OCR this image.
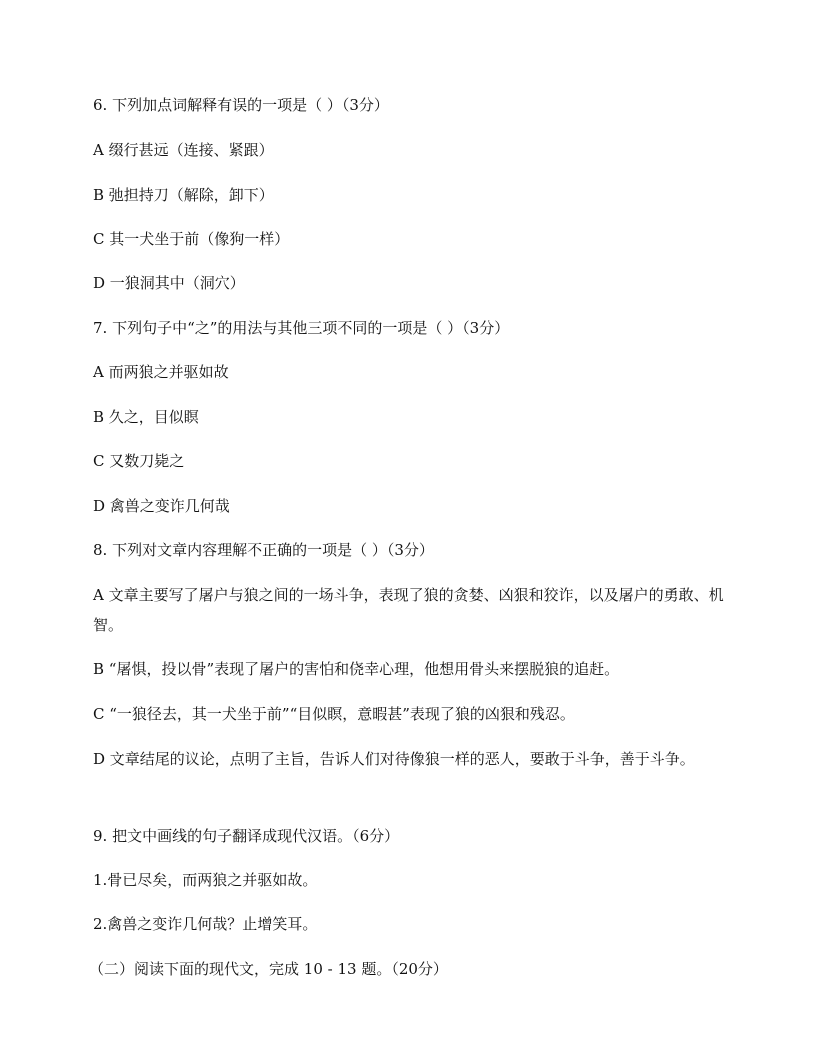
6. 下列加点词解释有误的一项是（ ）（3分）
A 缀行甚远（连接、紧跟）
B 弛担持刀（解除，卸下）
C 其一犬坐于前（像狗一样）
D 一狼洞其中（洞穴）
7. 下列句子中“之”的用法与其他三项不同的一项是（ ）（3分）
A 而两狼之并驱如故
B 久之，目似瞑
C 又数刀毙之
D 禽兽之变诈几何哉
8. 下列对文章内容理解不正确的一项是（ ）（3分）
A 文章主要写了屠户与狼之间的一场斗争，表现了狼的贪婪、凶狠和狡诈，以及屠户的勇敢、机智。
B “屠惧，投以骨”表现了屠户的害怕和侥幸心理，他想用骨头来摆脱狼的追赶。
C “一狼径去，其一犬坐于前”“目似瞑，意暇甚”表现了狼的凶狠和残忍。
D 文章结尾的议论，点明了主旨，告诉人们对待像狼一样的恶人，要敢于斗争，善于斗争。
9. 把文中画线的句子翻译成现代汉语。（6分）
1.骨已尽矣，而两狼之并驱如故。
2.禽兽之变诈几何哉？止增笑耳。
（二）阅读下面的现代文，完成 10 - 13 题。（20分）
